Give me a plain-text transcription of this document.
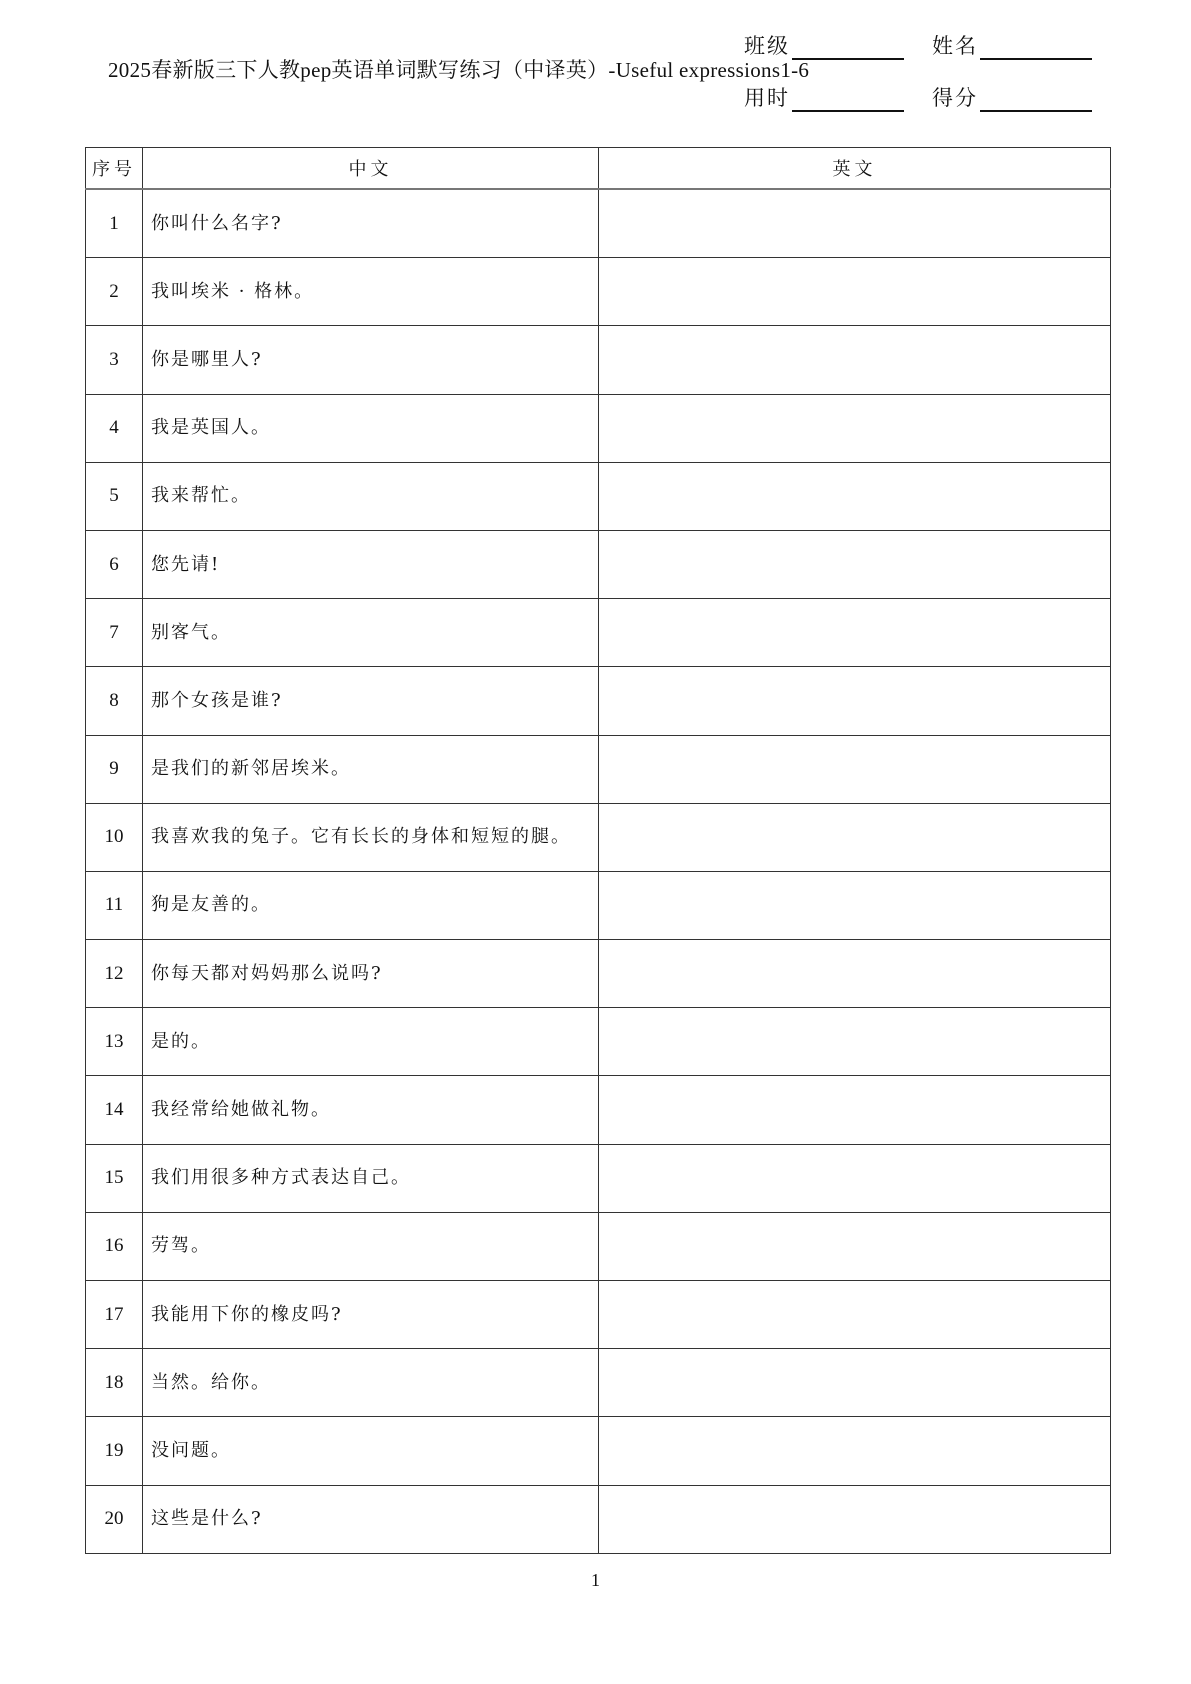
班级	姓名
2025春新版三下人教pep英语单词默写练习（中译英）-Useful expressions1-6
用时	得分
序号	中文	英文
1	你叫什么名字?	
2	我叫埃米 · 格林。	
3	你是哪里人?	
4	我是英国人。	
5	我来帮忙。	
6	您先请!	
7	别客气。	
8	那个女孩是谁?	
9	是我们的新邻居埃米。	
10	我喜欢我的兔子。它有长长的身体和短短的腿。	
11	狗是友善的。	
12	你每天都对妈妈那么说吗?	
13	是的。	
14	我经常给她做礼物。	
15	我们用很多种方式表达自己。	
16	劳驾。	
17	我能用下你的橡皮吗?	
18	当然。给你。	
19	没问题。	
20	这些是什么?	
1
